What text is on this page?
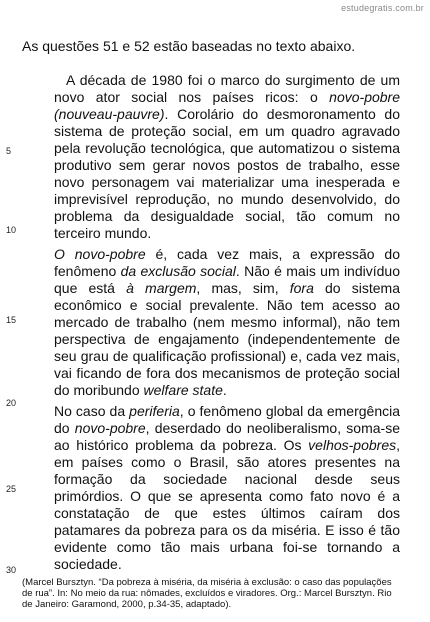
estudegratis.com.br
As questões 51 e 52 estão baseadas no texto abaixo.
5
10
15
20
25
30

A década de 1980 foi o marco do surgimento de um novo ator social nos países ricos: o novo-pobre (nouveau-pauvre). Corolário do desmoronamento do sistema de proteção social, em um quadro agravado pela revolução tecnológica, que automatizou o sistema produtivo sem gerar novos postos de trabalho, esse novo personagem vai materializar uma inesperada e imprevisível reprodução, no mundo desenvolvido, do problema da desigualdade social, tão comum no terceiro mundo.

O novo-pobre é, cada vez mais, a expressão do fenômeno da exclusão social. Não é mais um indivíduo que está à margem, mas, sim, fora do sistema econômico e social prevalente. Não tem acesso ao mercado de trabalho (nem mesmo informal), não tem perspectiva de engajamento (independentemente de seu grau de qualificação profissional) e, cada vez mais, vai ficando de fora dos mecanismos de proteção social do moribundo welfare state.

No caso da periferia, o fenômeno global da emergência do novo-pobre, deserdado do neoliberalismo, soma-se ao histórico problema da pobreza. Os velhos-pobres, em países como o Brasil, são atores presentes na formação da sociedade nacional desde seus primórdios. O que se apresenta como fato novo é a constatação de que estes últimos caíram dos patamares da pobreza para os da miséria. E isso é tão evidente como tão mais urbana foi-se tornando a sociedade.

(Marcel Bursztyn. “Da pobreza à miséria, da miséria à exclusão: o caso das populações de rua”. In: No meio da rua: nômades, excluídos e viradores. Org.: Marcel Bursztyn. Rio de Janeiro: Garamond, 2000, p.34-35, adaptado).
